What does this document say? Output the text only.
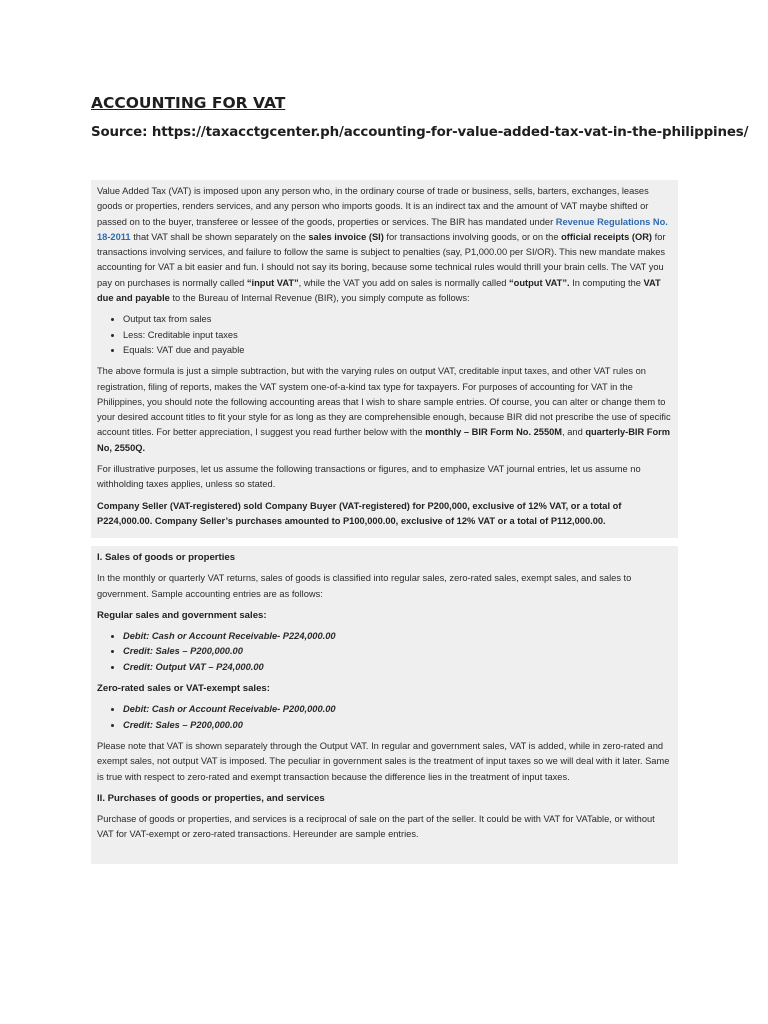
ACCOUNTING FOR VAT

Source: https://taxacctgcenter.ph/accounting-for-value-added-tax-vat-in-the-philippines/

Value Added Tax (VAT) is imposed upon any person who, in the ordinary course of trade or business, sells, barters, exchanges, leases goods or properties, renders services, and any person who imports goods. It is an indirect tax and the amount of VAT maybe shifted or passed on to the buyer, transferee or lessee of the goods, properties or services. The BIR has mandated under Revenue Regulations No. 18-2011 that VAT shall be shown separately on the sales invoice (SI) for transactions involving goods, or on the official receipts (OR) for transactions involving services, and failure to follow the same is subject to penalties (say, P1,000.00 per SI/OR). This new mandate makes accounting for VAT a bit easier and fun. I should not say its boring, because some technical rules would thrill your brain cells. The VAT you pay on purchases is normally called “input VAT”, while the VAT you add on sales is normally called “output VAT”. In computing the VAT due and payable to the Bureau of Internal Revenue (BIR), you simply compute as follows:

• Output tax from sales
• Less: Creditable input taxes
• Equals: VAT due and payable

The above formula is just a simple subtraction, but with the varying rules on output VAT, creditable input taxes, and other VAT rules on registration, filing of reports, makes the VAT system one-of-a-kind tax type for taxpayers. For purposes of accounting for VAT in the Philippines, you should note the following accounting areas that I wish to share sample entries. Of course, you can alter or change them to your desired account titles to fit your style for as long as they are comprehensible enough, because BIR did not prescribe the use of specific account titles. For better appreciation, I suggest you read further below with the monthly – BIR Form No. 2550M, and quarterly-BIR Form No, 2550Q.

For illustrative purposes, let us assume the following transactions or figures, and to emphasize VAT journal entries, let us assume no withholding taxes applies, unless so stated.

Company Seller (VAT-registered) sold Company Buyer (VAT-registered) for P200,000, exclusive of 12% VAT, or a total of P224,000.00. Company Seller’s purchases amounted to P100,000.00, exclusive of 12% VAT or a total of P112,000.00.

I. Sales of goods or properties

In the monthly or quarterly VAT returns, sales of goods is classified into regular sales, zero-rated sales, exempt sales, and sales to government. Sample accounting entries are as follows:

Regular sales and government sales:

• Debit: Cash or Account Receivable- P224,000.00
• Credit: Sales – P200,000.00
• Credit: Output VAT – P24,000.00

Zero-rated sales or VAT-exempt sales:

• Debit: Cash or Account Receivable- P200,000.00
• Credit: Sales – P200,000.00

Please note that VAT is shown separately through the Output VAT. In regular and government sales, VAT is added, while in zero-rated and exempt sales, not output VAT is imposed. The peculiar in government sales is the treatment of input taxes so we will deal with it later. Same is true with respect to zero-rated and exempt transaction because the difference lies in the treatment of input taxes.

II. Purchases of goods or properties, and services

Purchase of goods or properties, and services is a reciprocal of sale on the part of the seller. It could be with VAT for VATable, or without VAT for VAT-exempt or zero-rated transactions. Hereunder are sample entries.
